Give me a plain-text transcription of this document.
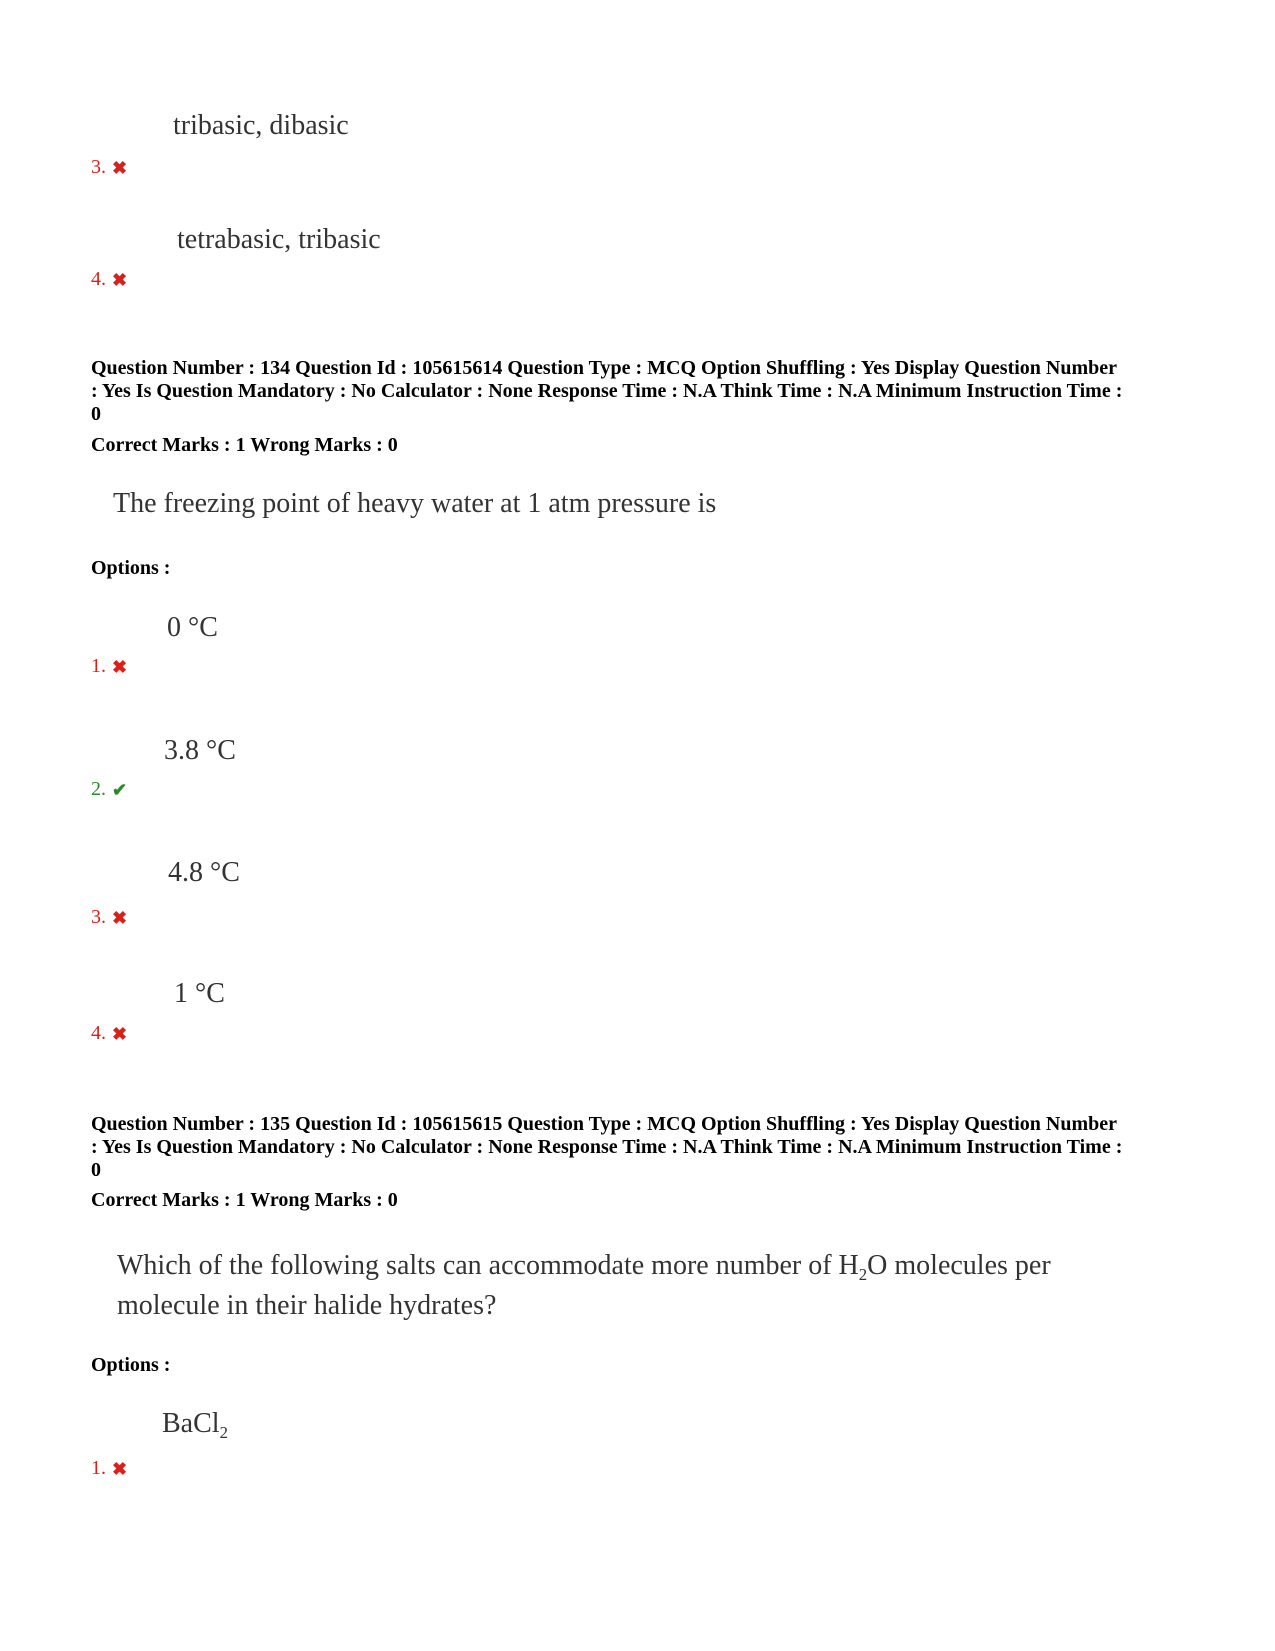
tribasic, dibasic
3. ✖
tetrabasic, tribasic
4. ✖
Question Number : 134 Question Id : 105615614 Question Type : MCQ Option Shuffling : Yes Display Question Number
: Yes Is Question Mandatory : No Calculator : None Response Time : N.A Think Time : N.A Minimum Instruction Time :
0
Correct Marks : 1 Wrong Marks : 0
The freezing point of heavy water at 1 atm pressure is
Options :
0 °C
1. ✖
3.8 °C
2. ✔
4.8 °C
3. ✖
1 °C
4. ✖
Question Number : 135 Question Id : 105615615 Question Type : MCQ Option Shuffling : Yes Display Question Number
: Yes Is Question Mandatory : No Calculator : None Response Time : N.A Think Time : N.A Minimum Instruction Time :
0
Correct Marks : 1 Wrong Marks : 0
Which of the following salts can accommodate more number of $H_2O$ molecules per
molecule in their halide hydrates?
Options :
BaCl$_2$
1. ✖
